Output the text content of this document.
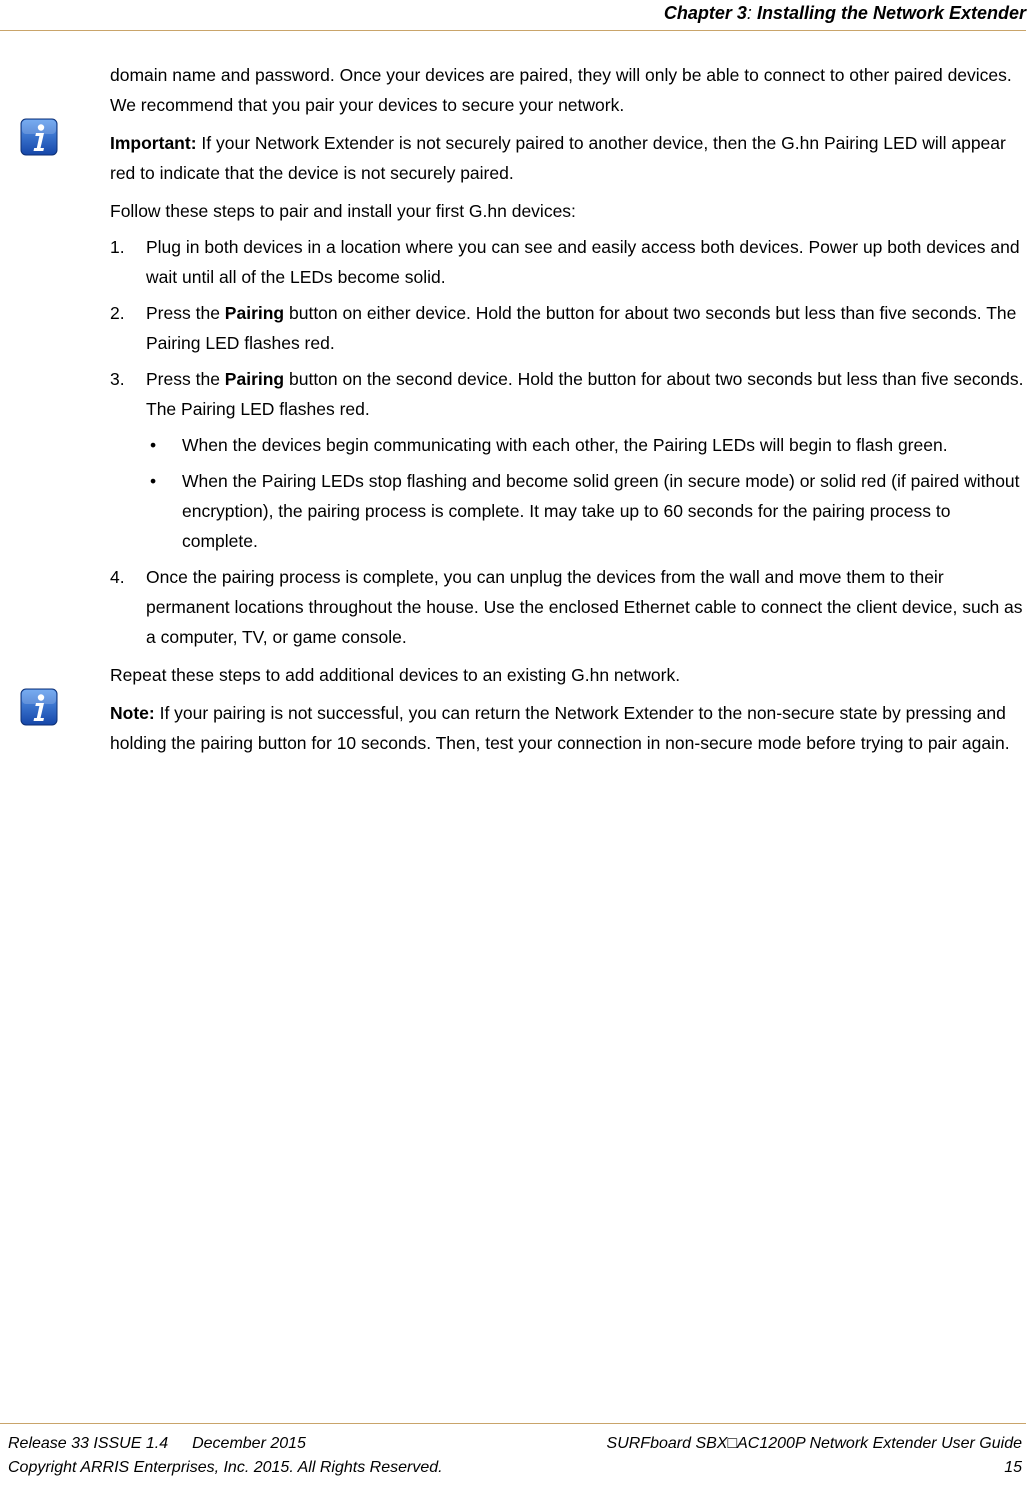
Chapter 3: Installing the Network Extender

domain name and password. Once your devices are paired, they will only be able to connect to other paired devices. We recommend that you pair your devices to secure your network.

Important: If your Network Extender is not securely paired to another device, then the G.hn Pairing LED will appear red to indicate that the device is not securely paired.

Follow these steps to pair and install your first G.hn devices:

1. Plug in both devices in a location where you can see and easily access both devices. Power up both devices and wait until all of the LEDs become solid.
2. Press the Pairing button on either device. Hold the button for about two seconds but less than five seconds. The Pairing LED flashes red.
3. Press the Pairing button on the second device. Hold the button for about two seconds but less than five seconds. The Pairing LED flashes red.
• When the devices begin communicating with each other, the Pairing LEDs will begin to flash green.
• When the Pairing LEDs stop flashing and become solid green (in secure mode) or solid red (if paired without encryption), the pairing process is complete. It may take up to 60 seconds for the pairing process to complete.
4. Once the pairing process is complete, you can unplug the devices from the wall and move them to their permanent locations throughout the house. Use the enclosed Ethernet cable to connect the client device, such as a computer, TV, or game console.

Repeat these steps to add additional devices to an existing G.hn network.

Note: If your pairing is not successful, you can return the Network Extender to the non-secure state by pressing and holding the pairing button for 10 seconds. Then, test your connection in non-secure mode before trying to pair again.
Release 33 ISSUE 1.4 December 2015	SURFboard SBX□AC1200P Network Extender User Guide
Copyright ARRIS Enterprises, Inc. 2015. All Rights Reserved.	15
